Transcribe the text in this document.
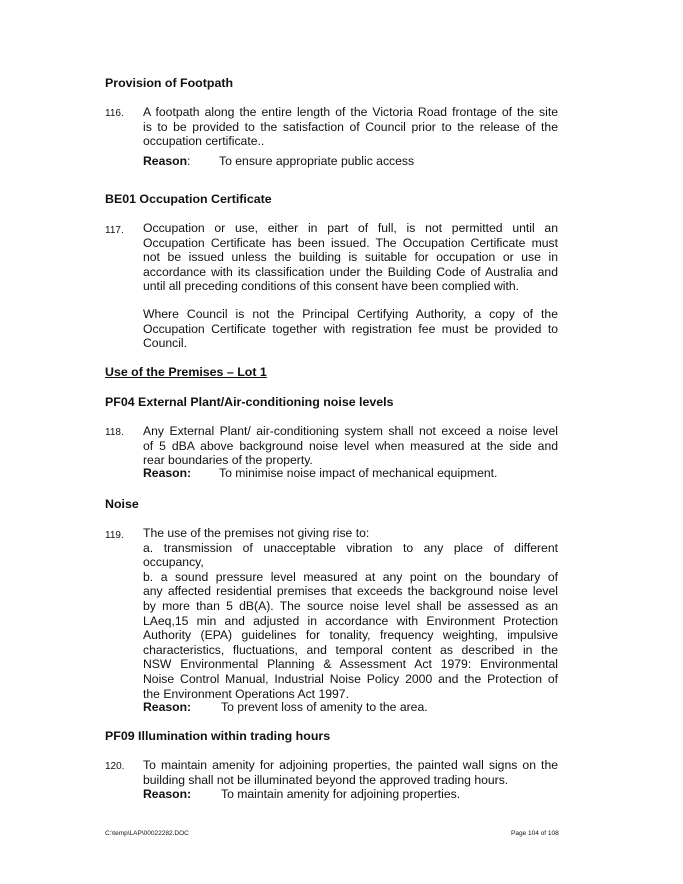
Provision of Footpath
116. A footpath along the entire length of the Victoria Road frontage of the site
is to be provided to the satisfaction of Council prior to the release of the
occupation certificate..
Reason: To ensure appropriate public access
BE01 Occupation Certificate
117. Occupation or use, either in part of full, is not permitted until an
Occupation Certificate has been issued. The Occupation Certificate must
not be issued unless the building is suitable for occupation or use in
accordance with its classification under the Building Code of Australia and
until all preceding conditions of this consent have been complied with.
Where Council is not the Principal Certifying Authority, a copy of the
Occupation Certificate together with registration fee must be provided to
Council.
Use of the Premises – Lot 1
PF04 External Plant/Air-conditioning noise levels
118. Any External Plant/ air-conditioning system shall not exceed a noise level
of 5 dBA above background noise level when measured at the side and
rear boundaries of the property.
Reason: To minimise noise impact of mechanical equipment.
Noise
119. The use of the premises not giving rise to:
a. transmission of unacceptable vibration to any place of different
occupancy,
b. a sound pressure level measured at any point on the boundary of
any affected residential premises that exceeds the background noise level
by more than 5 dB(A). The source noise level shall be assessed as an
LAeq,15 min and adjusted in accordance with Environment Protection
Authority (EPA) guidelines for tonality, frequency weighting, impulsive
characteristics, fluctuations, and temporal content as described in the
NSW Environmental Planning & Assessment Act 1979: Environmental
Noise Control Manual, Industrial Noise Policy 2000 and the Protection of
the Environment Operations Act 1997.
Reason: To prevent loss of amenity to the area.
PF09 Illumination within trading hours
120. To maintain amenity for adjoining properties, the painted wall signs on the
building shall not be illuminated beyond the approved trading hours.
Reason: To maintain amenity for adjoining properties.
C:\temp\LAP\00022282.DOC	Page 104 of 108
